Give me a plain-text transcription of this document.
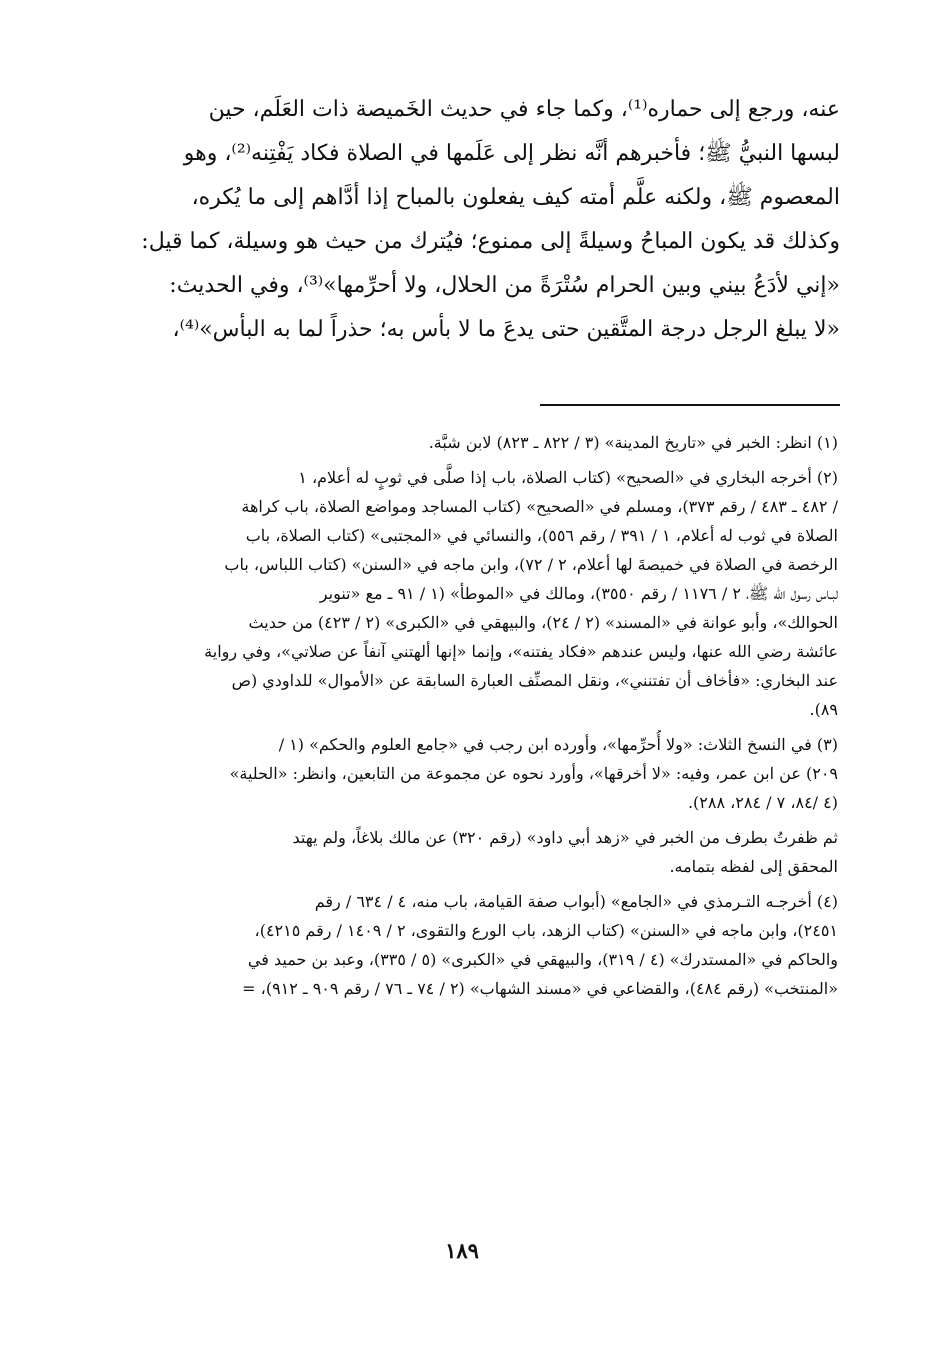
عنه، ورجع إلى حماره⁽¹⁾، وكما جاء في حديث الخَميصة ذات العَلَم، حين
لبسها النبيُّ ﷺ؛ فأخبرهم أنَّه نظر إلى عَلَمها في الصلاة فكاد يَفْتِنه⁽²⁾، وهو
المعصوم ﷺ، ولكنه علَّم أمته كيف يفعلون بالمباح إذا أدَّاهم إلى ما يُكره،
وكذلك قد يكون المباحُ وسيلةً إلى ممنوع؛ فيُترك من حيث هو وسيلة، كما قيل:
«إني لأدَعُ بيني وبين الحرام سُتْرَةً من الحلال، ولا أحرِّمها»⁽³⁾، وفي الحديث:
«لا يبلغ الرجل درجة المتَّقين حتى يدعَ ما لا بأس به؛ حذراً لما به البأس»⁽⁴⁾،
(١) انظر: الخبر في «تاريخ المدينة» (٣ / ٨٢٢ ـ ٨٢٣) لابن شبَّة.
(٢) أخرجه البخاري في «الصحيح» (كتاب الصلاة، باب إذا صلَّى في ثوبٍ له أعلام، ١
/ ٤٨٢ ـ ٤٨٣ / رقم ٣٧٣)، ومسلم في «الصحيح» (كتاب المساجد ومواضع الصلاة، باب كراهة
الصلاة في ثوب له أعلام، ١ / ٣٩١ / رقم ٥٥٦)، والنسائي في «المجتبى» (كتاب الصلاة، باب
الرخصة في الصلاة في خميصةَ لها أعلام، ٢ / ٧٢)، وابن ماجه في «السنن» (كتاب اللباس، باب
لبـاس رسول الله ﷺ، ٢ / ١١٧٦ / رقم ٣٥٥٠)، ومالك في «الموطأ» (١ / ٩١ ـ مع «تنوير
الحوالك»، وأبو عوانة في «المسند» (٢ / ٢٤)، والبيهقي في «الكبرى» (٢ / ٤٢٣) من حديث
عائشة رضي الله عنها، وليس عندهم «فكاد يفتنه»، وإنما «إنها ألهتني آنفاً عن صلاتي»، وفي رواية
عند البخاري: «فأخاف أن تفتنني»، ونقل المصنِّف العبارة السابقة عن «الأموال» للداودي (ص
٨٩).
(٣) في النسخ الثلاث: «ولا أُحرِّمها»، وأورده ابن رجب في «جامع العلوم والحكم» (١ /
٢٠٩) عن ابن عمر، وفيه: «لا أخرقها»، وأورد نحوه عن مجموعة من التابعين، وانظر: «الحلية»
(٤ /٨٤، ٧ / ٢٨٤، ٢٨٨).
ثم ظفرتُ بطرف من الخبر في «زهد أبي داود» (رقم ٣٢٠) عن مالك بلاغاً، ولم يهتد
المحقق إلى لفظه بتمامه.
(٤) أخرجـه التـرمذي في «الجامع» (أبواب صفة القيامة، باب منه، ٤ / ٦٣٤ / رقم
٢٤٥١)، وابن ماجه في «السنن» (كتاب الزهد، باب الورع والتقوى، ٢ / ١٤٠٩ / رقم ٤٢١٥)،
والحاكم في «المستدرك» (٤ / ٣١٩)، والبيهقي في «الكبرى» (٥ / ٣٣٥)، وعبد بن حميد في
«المنتخب» (رقم ٤٨٤)، والقضاعي في «مسند الشهاب» (٢ / ٧٤ ـ ٧٦ / رقم ٩٠٩ ـ ٩١٢)، =
١٨٩
